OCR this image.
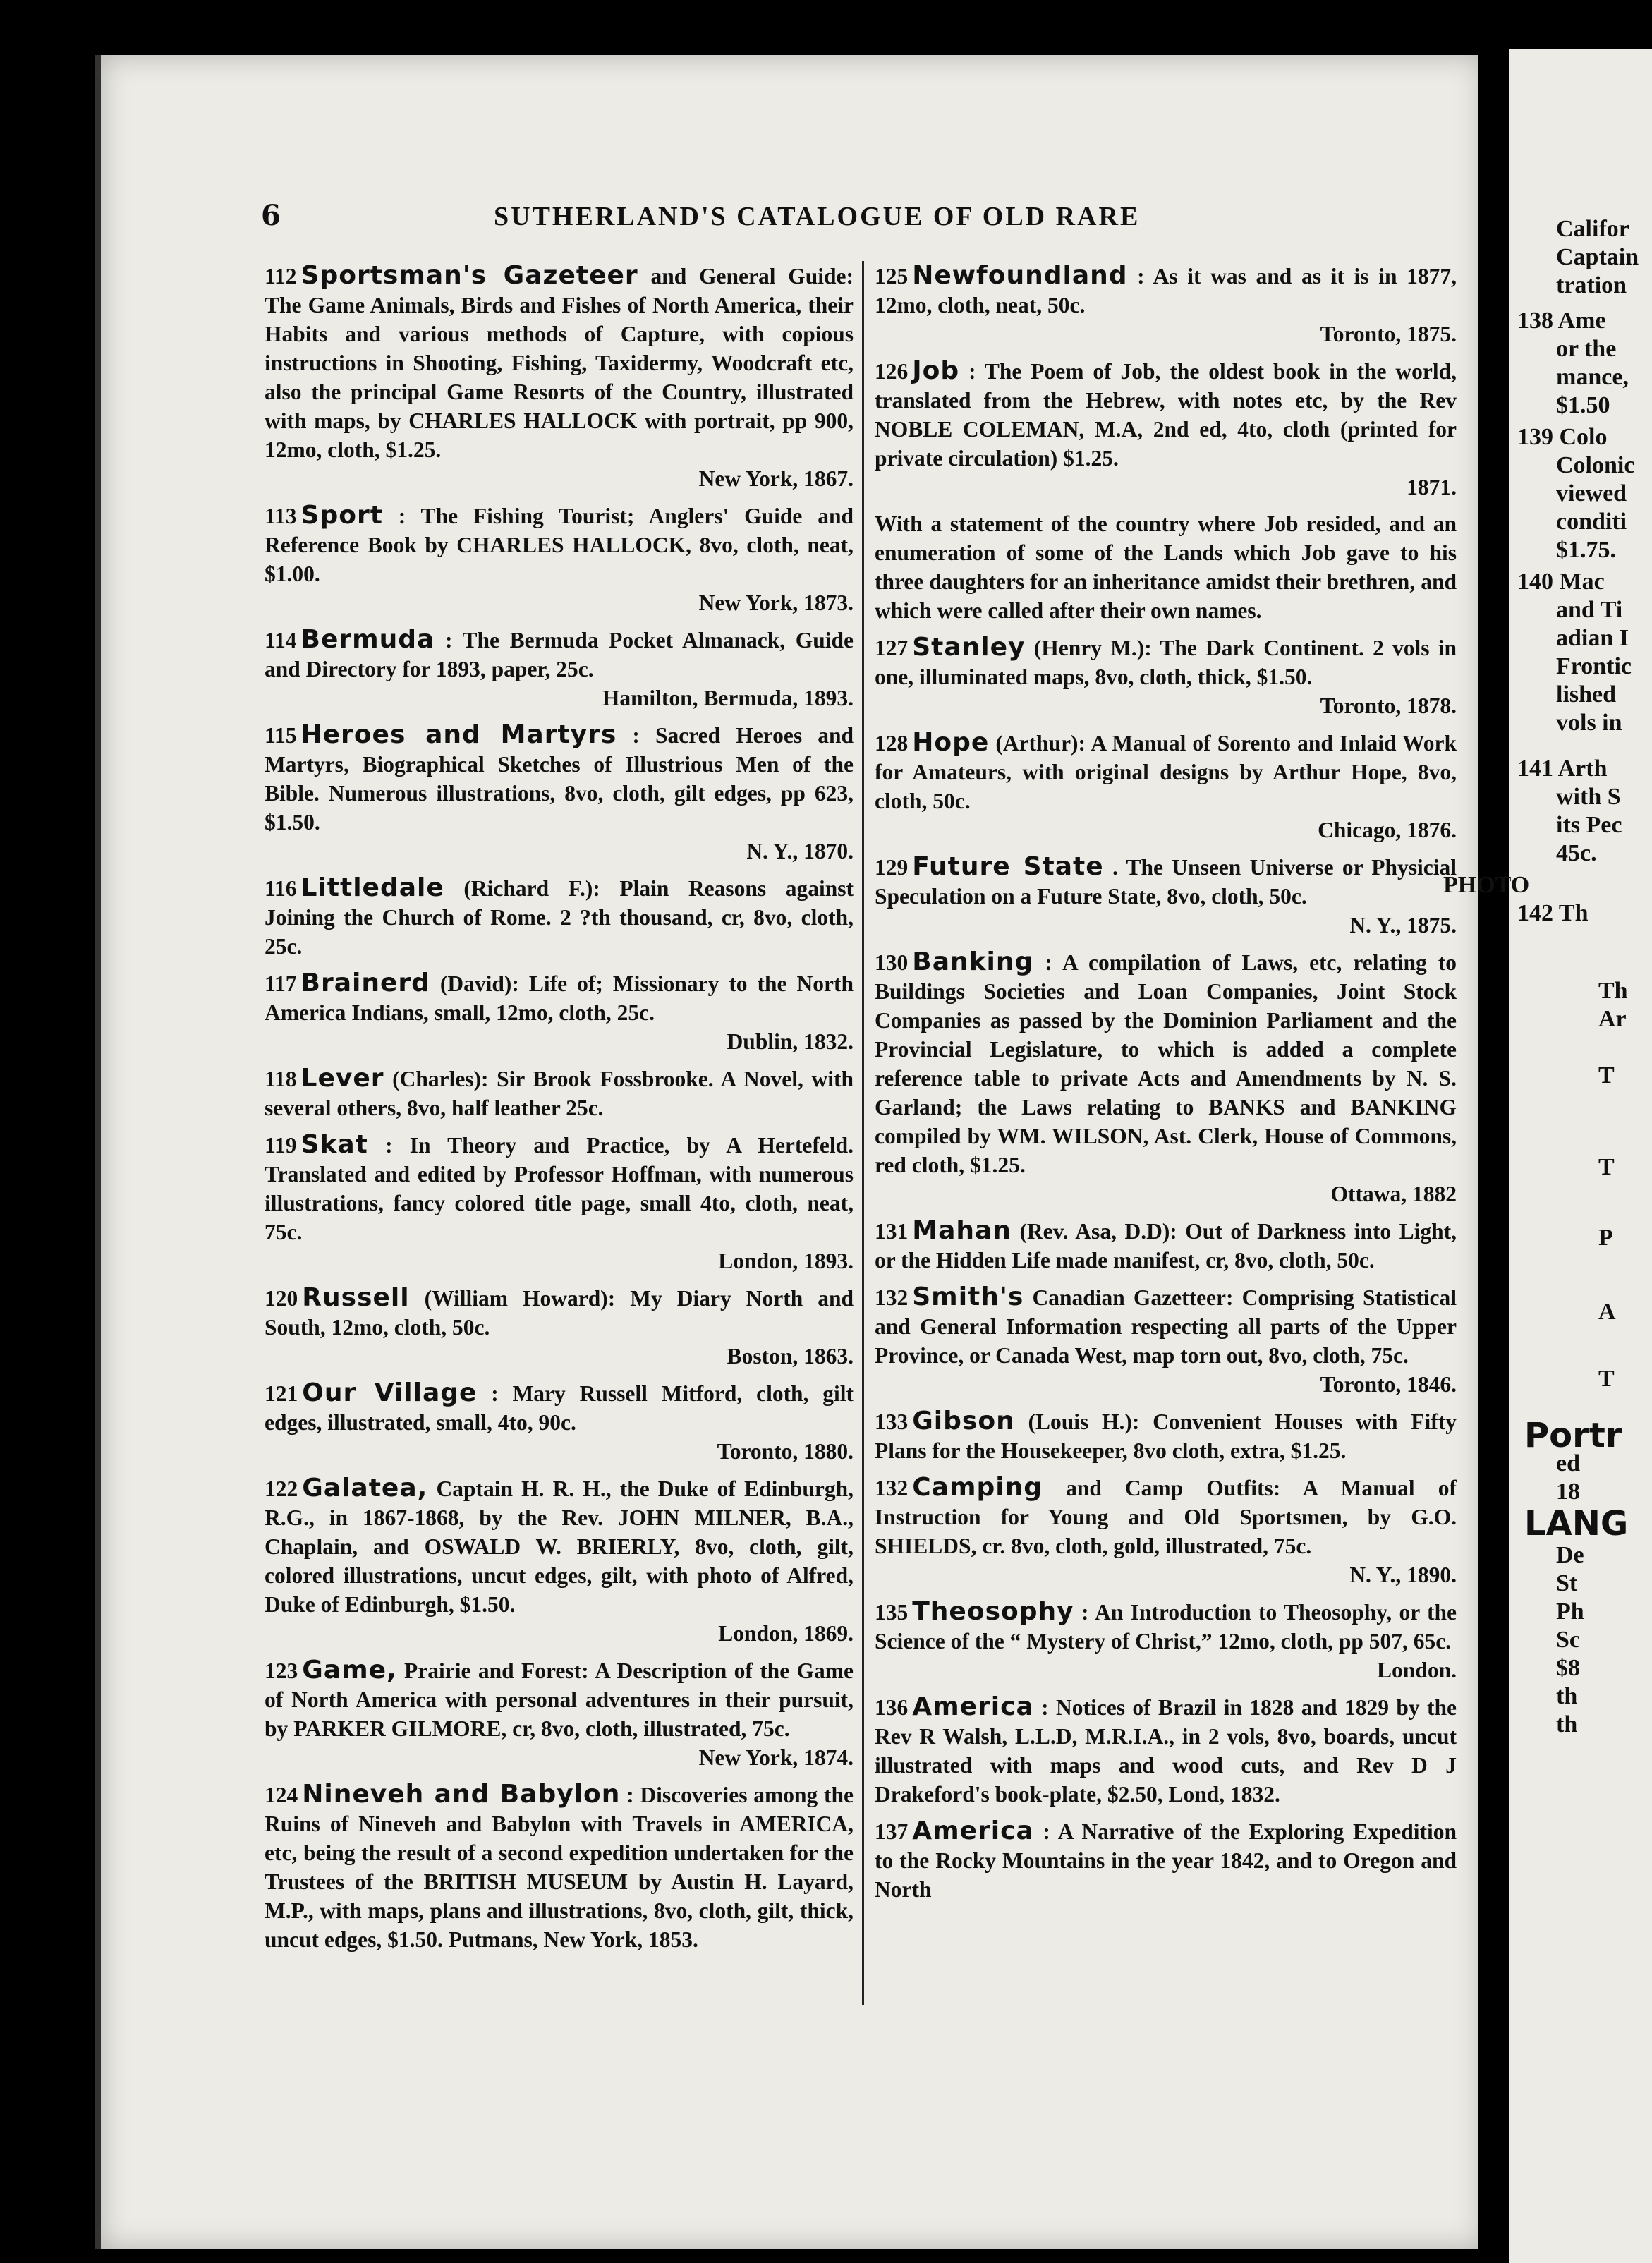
6	SUTHERLAND'S CATALOGUE OF OLD RARE
112 Sportsman's Gazeteer and General Guide: The Game Animals, Birds and Fishes of North America, their Habits and various methods of Capture, with copious instructions in Shooting, Fishing, Taxidermy, Woodcraft etc, also the principal Game Resorts of the Country, illustrated with maps, by CHARLES HALLOCK with portrait, pp 900, 12mo, cloth, $1.25.
New York, 1867.
113 Sport : The Fishing Tourist; Anglers' Guide and Reference Book by CHARLES HALLOCK, 8vo, cloth, neat, $1.00.
New York, 1873.
114 Bermuda : The Bermuda Pocket Almanack, Guide and Directory for 1893, paper, 25c.
Hamilton, Bermuda, 1893.
115 Heroes and Martyrs : Sacred Heroes and Martyrs, Biographical Sketches of Illustrious Men of the Bible. Numerous illustrations, 8vo, cloth, gilt edges, pp 623, $1.50.
N. Y., 1870.
116 Littledale (Richard F.): Plain Reasons against Joining the Church of Rome. 2 ?th thousand, cr, 8vo, cloth, 25c.
117 Brainerd (David): Life of; Missionary to the North America Indians, small, 12mo, cloth, 25c.
Dublin, 1832.
118 Lever (Charles): Sir Brook Fossbrooke. A Novel, with several others, 8vo, half leather 25c.
119 Skat : In Theory and Practice, by A Hertefeld. Translated and edited by Professor Hoffman, with numerous illustrations, fancy colored title page, small 4to, cloth, neat, 75c.
London, 1893.
120 Russell (William Howard): My Diary North and South, 12mo, cloth, 50c.
Boston, 1863.
121 Our Village : Mary Russell Mitford, cloth, gilt edges, illustrated, small, 4to, 90c.
Toronto, 1880.
122 Galatea, Captain H. R. H., the Duke of Edinburgh, R.G., in 1867-1868, by the Rev. JOHN MILNER, B.A., Chaplain, and OSWALD W. BRIERLY, 8vo, cloth, gilt, colored illustrations, uncut edges, gilt, with photo of Alfred, Duke of Edinburgh, $1.50.
London, 1869.
123 Game, Prairie and Forest: A Description of the Game of North America with personal adventures in their pursuit, by PARKER GILMORE, cr, 8vo, cloth, illustrated, 75c.
New York, 1874.
124 Nineveh and Babylon : Discoveries among the Ruins of Nineveh and Babylon with Travels in AMERICA, etc, being the result of a second expedition undertaken for the Trustees of the BRITISH MUSEUM by Austin H. Layard, M.P., with maps, plans and illustrations, 8vo, cloth, gilt, thick, uncut edges, $1.50. Putmans, New York, 1853.
125 Newfoundland : As it was and as it is in 1877, 12mo, cloth, neat, 50c.
Toronto, 1875.
126 Job : The Poem of Job, the oldest book in the world, translated from the Hebrew, with notes etc, by the Rev NOBLE COLEMAN, M.A, 2nd ed, 4to, cloth (printed for private circulation) $1.25.
1871.
With a statement of the country where Job resided, and an enumeration of some of the Lands which Job gave to his three daughters for an inheritance amidst their brethren, and which were called after their own names.
127 Stanley (Henry M.): The Dark Continent. 2 vols in one, illuminated maps, 8vo, cloth, thick, $1.50.
Toronto, 1878.
128 Hope (Arthur): A Manual of Sorento and Inlaid Work for Amateurs, with original designs by Arthur Hope, 8vo, cloth, 50c.
Chicago, 1876.
129 Future State . The Unseen Universe or Physicial Speculation on a Future State, 8vo, cloth, 50c.
N. Y., 1875.
130 Banking : A compilation of Laws, etc, relating to Buildings Societies and Loan Companies, Joint Stock Companies as passed by the Dominion Parliament and the Provincial Legislature, to which is added a complete reference table to private Acts and Amendments by N. S. Garland; the Laws relating to BANKS and BANKING compiled by WM. WILSON, Ast. Clerk, House of Commons, red cloth, $1.25.
Ottawa, 1882
131 Mahan (Rev. Asa, D.D): Out of Darkness into Light, or the Hidden Life made manifest, cr, 8vo, cloth, 50c.
132 Smith's Canadian Gazetteer: Comprising Statistical and General Information respecting all parts of the Upper Province, or Canada West, map torn out, 8vo, cloth, 75c.
Toronto, 1846.
133 Gibson (Louis H.): Convenient Houses with Fifty Plans for the Housekeeper, 8vo cloth, extra, $1.25.
132 Camping and Camp Outfits: A Manual of Instruction for Young and Old Sportsmen, by G.O. SHIELDS, cr. 8vo, cloth, gold, illustrated, 75c.
N. Y., 1890.
135 Theosophy : An Introduction to Theosophy, or the Science of the “ Mystery of Christ,” 12mo, cloth, pp 507, 65c.
London.
136 America : Notices of Brazil in 1828 and 1829 by the Rev R Walsh, L.L.D, M.R.I.A., in 2 vols, 8vo, boards, uncut illustrated with maps and wood cuts, and Rev D J Drakeford's book-plate, $2.50, Lond, 1832.
137 America : A Narrative of the Exploring Expedition to the Rocky Mountains in the year 1842, and to Oregon and North
Califor
Captain
tration
138 Ame
or the
mance,
$1.50
139 Colo
Colonic
viewed
conditi
$1.75.
140 Mac
and Ti
adian I
Frontic
lished
vols in
141 Arth
with S
its Pec
45c.
PHOTO
142 Th
Th
Ar
T
T
P
A
T
Portr
ed
18
LANG
De
St
Ph
Sc
$8
th
th
